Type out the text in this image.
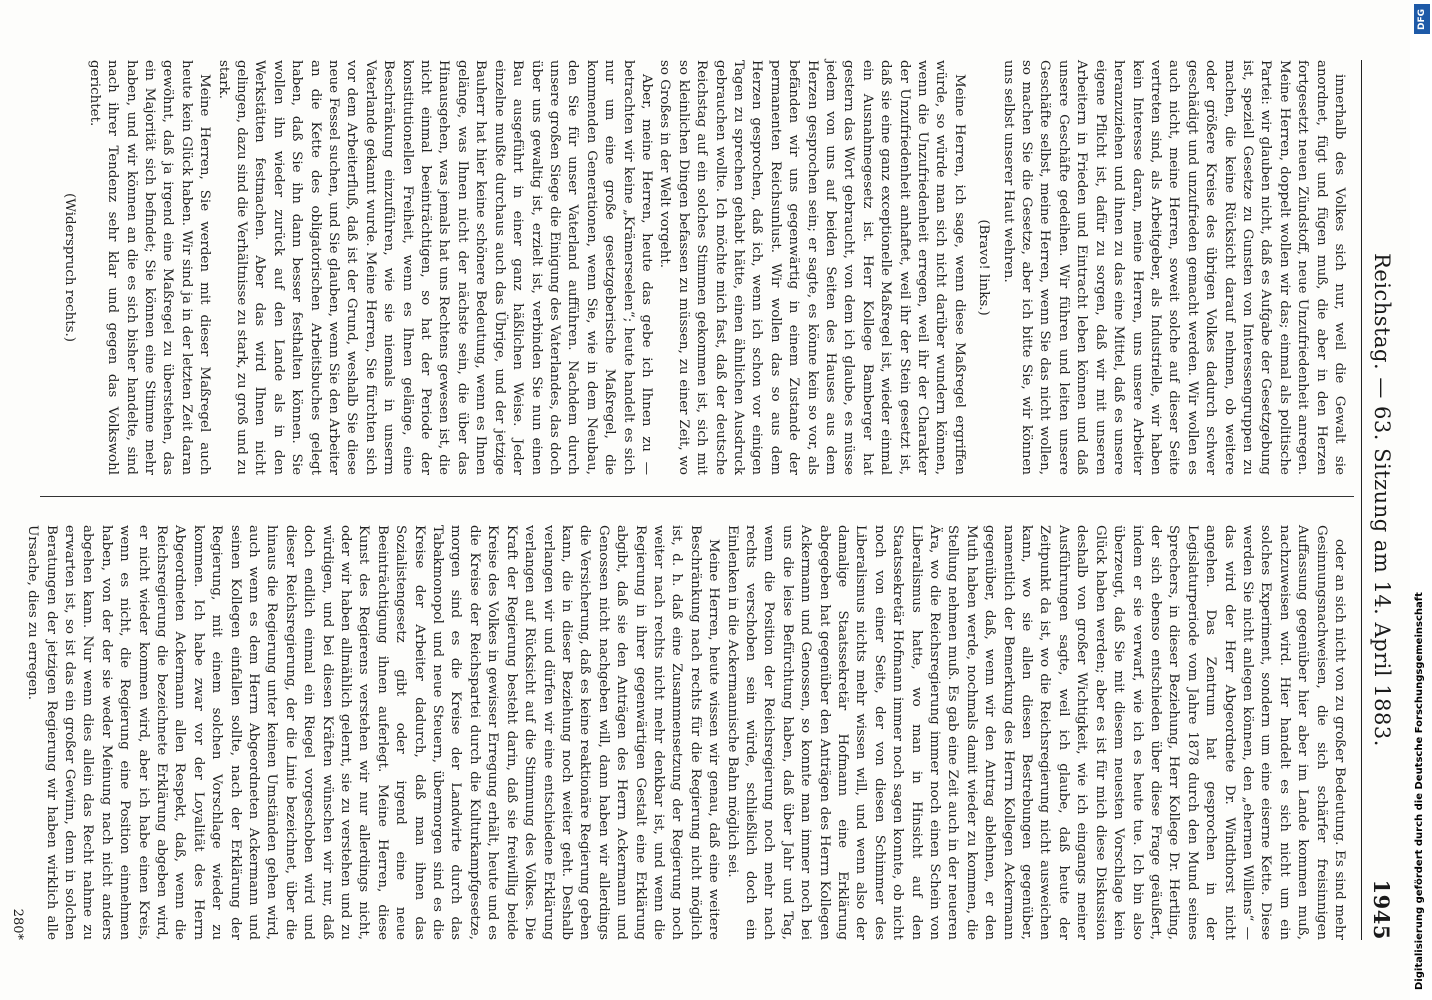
Reichstag. — 63. Sitzung am 14. April 1883.
1945

innerhalb des Volkes sich nur, weil die Gewalt sie anordnet, fügt und fügen muß, die aber in den Herzen fortgesetzt neuen Zündstoff, neue Unzufriedenheit anregen. Meine Herren, doppelt wollen wir das; einmal als politische Partei: wir glauben nicht, daß es Aufgabe der Gesetzgebung ist, speziell Gesetze zu Gunsten von Interessengruppen zu machen, die keine Rücksicht darauf nehmen, ob weitere oder größere Kreise des übrigen Volkes dadurch schwer geschädigt und unzufrieden gemacht werden. Wir wollen es auch nicht, meine Herren, soweit solche auf dieser Seite vertreten sind, als Arbeitgeber, als Industrielle, wir haben kein Interesse daran, meine Herren, uns unsere Arbeiter heranzuziehen und ihnen zu das eine Mittel, daß es unsere eigene Pflicht ist, dafür zu sorgen, daß wir mit unseren Arbeitern in Frieden und Eintracht leben können und daß unsere Geschäfte gedeihen. Wir führen und leiten unsere Geschäfte selbst, meine Herren, wenn Sie das nicht wollen, so machen Sie die Gesetze, aber ich bitte Sie, wir können uns selbst unserer Haut wehren.

(Bravo! links.)

Meine Herren, ich sage, wenn diese Maßregel ergriffen würde, so würde man sich nicht darüber wundern können, wenn die Unzufriedenheit erregen, weil ihr der Charakter der Unzufriedenheit anhaftet, weil ihr der Stein gesetzt ist, daß sie eine ganz exceptionelle Maßregel ist, wieder einmal ein Ausnahmegesetz ist. Herr Kollege Bamberger hat gestern das Wort gebraucht, von dem ich glaube, es müsse jedem von uns auf beiden Seiten des Hauses aus dem Herzen gesprochen sein; er sagte, es könne kein so vor, als befänden wir uns gegenwärtig in einem Zustande der permanenten Reichsunlust. Wir wollen das so aus dem Herzen gesprochen, daß ich, wenn ich schon vor einigen Tagen zu sprechen gehabt hätte, einen ähnlichen Ausdruck gebrauchen wollte. Ich möchte mich fast, daß der deutsche Reichstag auf ein solches Stimmen gekommen ist, sich mit so kleinlichen Dingen befassen zu müssen, zu einer Zeit, wo so Großes in der Welt vorgeht.

Aber, meine Herren, heute das gebe ich Ihnen zu — betrachten wir keine „Krämerseelen“; heute handelt es sich nur um eine große gesetzgeberische Maßregel, die kommenden Generationen, wenn Sie, wie in dem Neubau, den Sie für unser Vaterland aufführen. Nachdem durch unsere großen Siege die Einigung des Vaterlandes, das doch über uns gewaltig ist, erzielt ist, verbinden Sie nun einen Bau ausgeführt in einer ganz häßlichen Weise. Jeder einzelne mußte durchaus auch das Übrige, und der jetzige Bauherr hat hier keine schönere Bedeutung, wenn es Ihnen gelänge, was Ihnen nicht der nächste sein, die über das Hinausgehen, was jemals hat uns Rechtens gewesen ist, die nicht einmal beeinträchtigen, so hat der Periode der konstitutionellen Freiheit, wenn es Ihnen gelänge, eine Beschränkung einzuführen, wie sie niemals in unserm Vaterlande gekannt wurde. Meine Herren, Sie fürchten sich vor dem Arbeiterfluß, daß ist der Grund, weshalb Sie diese neue Fessel suchen, und Sie glauben, wenn Sie den Arbeiter an die Kette des obligatorischen Arbeitsbuches gelegt haben, daß Sie ihn dann besser festhalten können. Sie wollen ihn wieder zurück auf den Lande als in den Werkstätten festmachen. Aber das wird Ihnen nicht gelingen, dazu sind die Verhältnisse zu stark, zu groß und zu stark.

Meine Herren, Sie werden mit dieser Maßregel auch heute kein Glück haben. Wir sind ja in der letzten Zeit daran gewöhnt, daß ja irgend eine Maßregel zu überstehen, das ein Majorität sich befindet; Sie können eine Stimme mehr haben, und wir können an die es sich bisher handelte, sind nach ihrer Tendenz sehr klar und gegen das Volkswohl gerichtet.

(Widerspruch rechts.)

oder an sich nicht von zu großer Bedeutung. Es sind mehr Gesinnungsnachweisen, die sich schärfer freisinnigen Auffassung gegenüber hier aber im Lande kommen muß, nachzuweisen wird. Hier handelt es sich nicht um ein solches Experiment, sondern um eine eiserne Kette. Diese werden Sie nicht anlegen können, den „ehernen Willens“ — das wird der Herr Abgeordnete Dr. Windthorst nicht angehen. Das Zentrum hat gesprochen in der Legislaturperiode vom Jahre 1878 durch den Mund seines Sprechers, in dieser Beziehung, Herr Kollege Dr. Hertling, der sich ebenso entschieden über diese Frage geäußert, indem er sie verwarf, wie ich es heute tue. Ich bin also überzeugt, daß Sie mit diesem neuesten Vorschlage kein Glück haben werden; aber es ist für mich diese Diskussion deshalb von großer Wichtigkeit, wie ich eingangs meiner Ausführungen sagte, weil ich glaube, daß heute der Zeitpunkt da ist, wo die Reichsregierung nicht ausweichen kann, wo sie allen diesen Bestrebungen gegenüber, namentlich der Bemerkung des Herrn Kollegen Ackermann gegenüber, daß, wenn wir den Antrag ablehnen, er den Muth haben werde, nochmals damit wieder zu kommen, die Stellung nehmen muß. Es gab eine Zeit auch in der neueren Ära, wo die Reichsregierung immer noch einen Schein von Liberalismus hatte, wo man in Hinsicht auf den Staatssekretär Hofmann immer noch sagen konnte, ob nicht noch von einer Seite, der von diesen Schimmer des Liberalismus nichts mehr wissen will, und wenn also der damalige Staatssekretär Hofmann eine Erklärung abgegeben hat gegenüber den Anträgen des Herrn Kollegen Ackermann und Genossen, so konnte man immer noch bei uns die leise Befürchtung haben, daß über Jahr und Tag, wenn die Position der Reichsregierung noch mehr nach rechts verschoben sein würde, schließlich doch ein Einlenken in die Ackermannische Bahn möglich sei.

Meine Herren, heute wissen wir genau, daß eine weitere Beschränkung nach rechts für die Regierung nicht möglich ist, d. h. daß eine Zusammensetzung der Regierung noch weiter nach rechts nicht mehr denkbar ist, und wenn die Regierung in ihrer gegenwärtigen Gestalt eine Erklärung abgibt, daß sie den Anträgen des Herrn Ackermann und Genossen nicht nachgeben will, dann haben wir allerdings die Versicherung, daß es keine reaktionäre Regierung geben kann, die in dieser Beziehung noch weiter geht. Deshalb verlangen wir und dürfen wir eine entschiedene Erklärung verlangen auf Rücksicht auf die Stimmung des Volkes. Die Kraft der Regierung besteht darin, daß sie freiwillig beide Kreise des Volkes in gewisser Erregung erhält, heute und es die Kreise der Reichspartei durch die Kulturkampfgesetze, morgen sind es die Kreise der Landwirte durch das Tabakmonopol und neue Steuern, übermorgen sind es die Kreise der Arbeiter dadurch, daß man ihnen das Sozialistengesetz gibt oder irgend eine neue Beeinträchtigung ihnen auferlegt. Meine Herren, diese Kunst des Regierens verstehen wir nur allerdings nicht, oder wir haben allmählich gelernt, sie zu verstehen und zu würdigen, und bei diesen Kräften wünschen wir nur, daß doch endlich einmal ein Riegel vorgeschoben wird und dieser Reichsregierung, der die Linie bezeichnet, über die hinaus die Regierung unter keinen Umständen gehen wird, auch wenn es dem Herrn Abgeordneten Ackermann und seinen Kollegen einfallen sollte, nach der Erklärung der Regierung, mit einem solchen Vorschlage wieder zu kommen. Ich habe zwar vor der Loyalität des Herrn Abgeordneten Ackermann allen Respekt, daß, wenn die Reichsregierung die bezeichnete Erklärung abgeben wird, er nicht wieder kommen wird, aber ich habe einen Kreis, wenn es nicht, die Regierung eine Position einnehmen haben, von der der sie weder Meinung nach nicht anders abgehen kann. Nur wenn dies allein das Recht nahme zu erwarten ist, so ist das ein großer Gewinn, denn in solchen Beratungen der jetzigen Regierung wir haben wirklich alle Ursache, dies zu erregen.

280*
DFG
Digitalisierung gefördert durch die Deutsche Forschungsgemeinschaft
